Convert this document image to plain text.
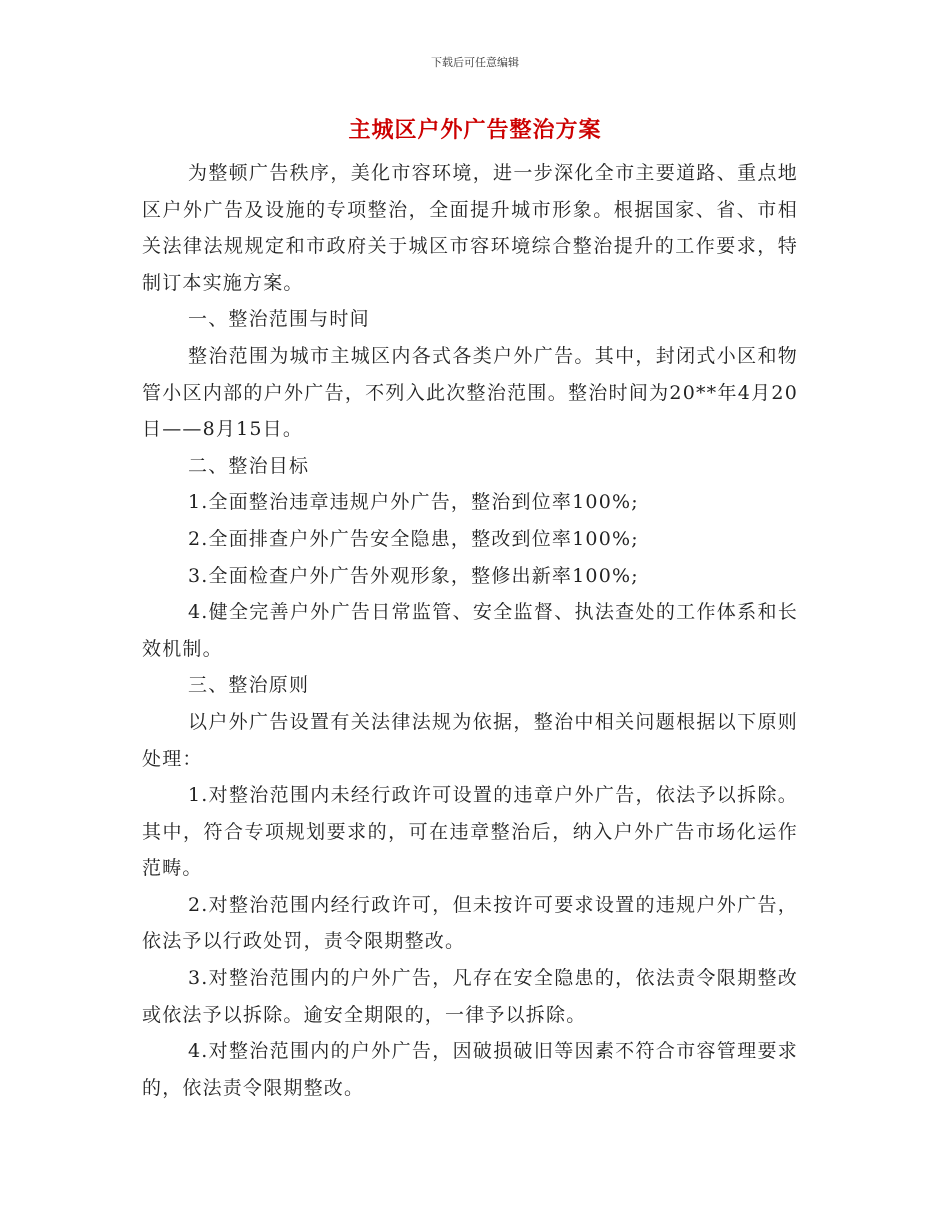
下载后可任意编辑
主城区户外广告整治方案

为整顿广告秩序，美化市容环境，进一步深化全市主要道路、重点地区户外广告及设施的专项整治，全面提升城市形象。根据国家、省、市相关法律法规规定和市政府关于城区市容环境综合整治提升的工作要求，特制订本实施方案。

一、整治范围与时间

整治范围为城市主城区内各式各类户外广告。其中，封闭式小区和物管小区内部的户外广告，不列入此次整治范围。整治时间为20**年4月20日——8月15日。

二、整治目标

1.全面整治违章违规户外广告，整治到位率100%;

2.全面排查户外广告安全隐患，整改到位率100%;

3.全面检查户外广告外观形象，整修出新率100%;

4.健全完善户外广告日常监管、安全监督、执法查处的工作体系和长效机制。

三、整治原则

以户外广告设置有关法律法规为依据，整治中相关问题根据以下原则处理：

1.对整治范围内未经行政许可设置的违章户外广告，依法予以拆除。其中，符合专项规划要求的，可在违章整治后，纳入户外广告市场化运作范畴。

2.对整治范围内经行政许可，但未按许可要求设置的违规户外广告，依法予以行政处罚，责令限期整改。

3.对整治范围内的户外广告，凡存在安全隐患的，依法责令限期整改或依法予以拆除。逾安全期限的，一律予以拆除。

4.对整治范围内的户外广告，因破损破旧等因素不符合市容管理要求的，依法责令限期整改。
